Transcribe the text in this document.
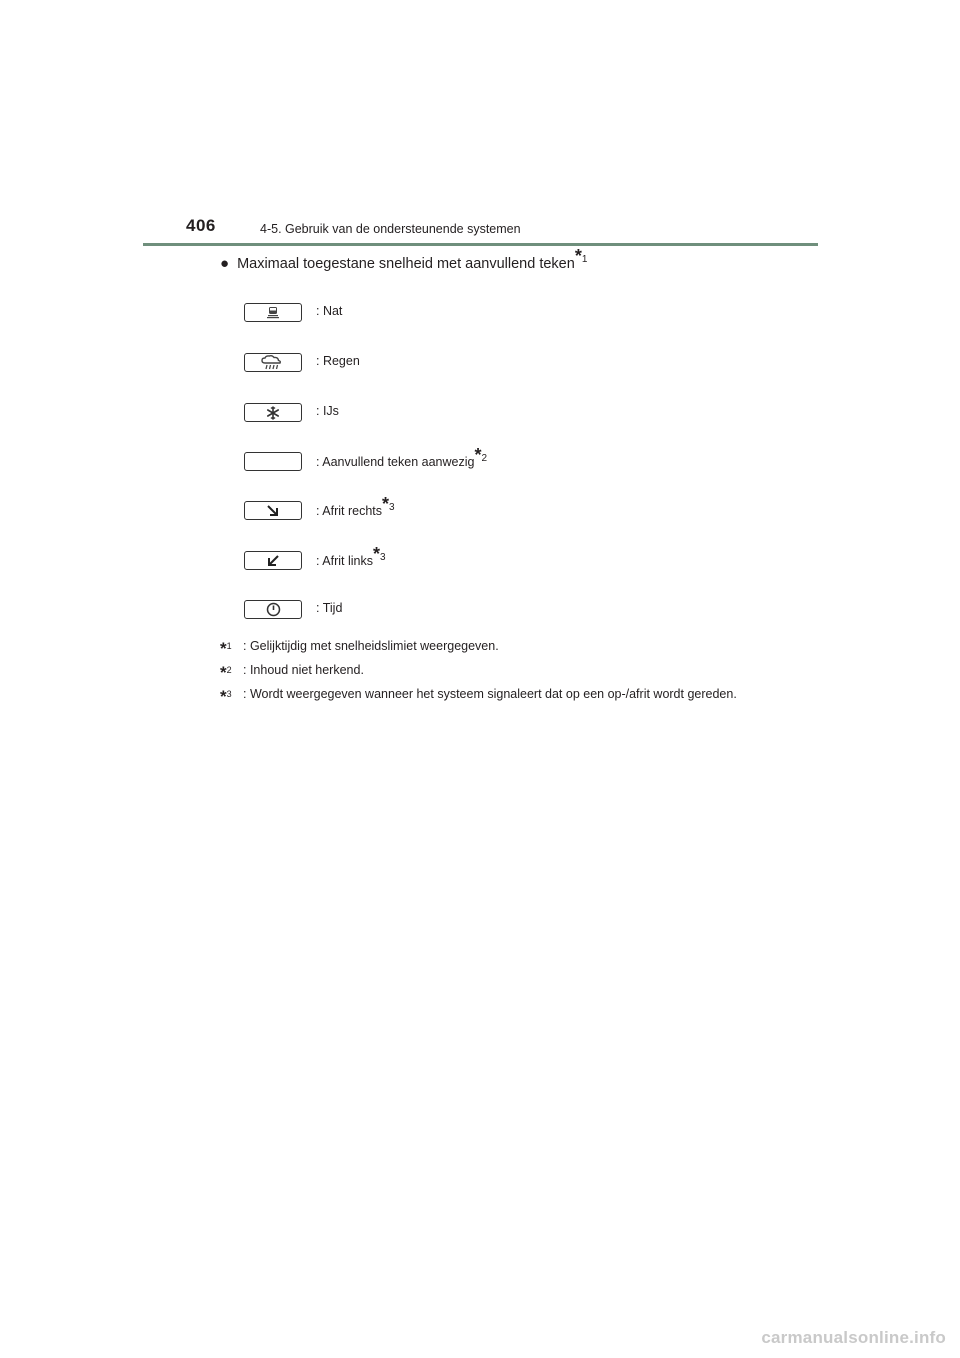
406	4-5. Gebruik van de ondersteunende systemen
● Maximaal toegestane snelheid met aanvullend teken$^{*1}$
: Nat
: Regen
: IJs
: Aanvullend teken aanwezig$^{*2}$
: Afrit rechts$^{*3}$
: Afrit links$^{*3}$
: Tijd
*$^1$ : Gelijktijdig met snelheidslimiet weergegeven.
*$^2$ : Inhoud niet herkend.
*$^3$ : Wordt weergegeven wanneer het systeem signaleert dat op een op-/afrit wordt gereden.
carmanualsonline.info
